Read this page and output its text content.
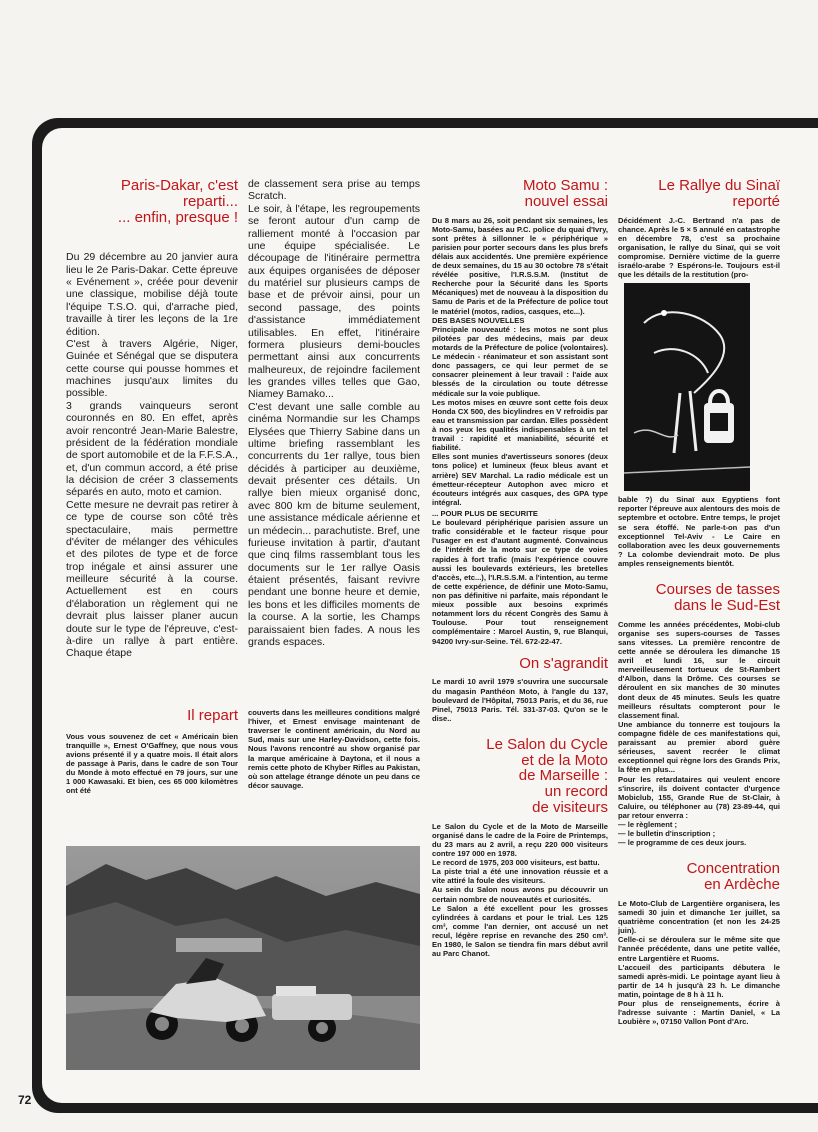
Paris-Dakar, c'est
reparti...
... enfin, presque !

Du 29 décembre au 20 janvier aura lieu le 2e Paris-Dakar. Cette épreuve « Evénement », créée pour devenir une classique, mobilise déjà toute l'équipe T.S.O. qui, d'arrache pied, travaille à tirer les leçons de la 1re édition.

C'est à travers Algérie, Niger, Guinée et Sénégal que se disputera cette course qui pousse hommes et machines jusqu'aux limites du possible.

3 grands vainqueurs seront couronnés en 80. En effet, après avoir rencontré Jean-Marie Balestre, président de la fédération mondiale de sport automobile et de la F.F.S.A., et, d'un commun accord, a été prise la décision de créer 3 classements séparés en auto, moto et camion.

Cette mesure ne devrait pas retirer à ce type de course son côté très spectaculaire, mais permettre d'éviter de mélanger des véhicules et des pilotes de type et de force trop inégale et ainsi assurer une meilleure sécurité à la course. Actuellement est en cours d'élaboration un règlement qui ne devrait plus laisser planer aucun doute sur le type de l'épreuve, c'est-à-dire un rallye à part entière. Chaque étape

de classement sera prise au temps Scratch.

Le soir, à l'étape, les regroupements se feront autour d'un camp de ralliement monté à l'occasion par une équipe spécialisée. Le découpage de l'itinéraire permettra aux équipes organisées de déposer du matériel sur plusieurs camps de base et de prévoir ainsi, pour un second passage, des points d'assistance immédiatement utilisables. En effet, l'itinéraire formera plusieurs demi-boucles permettant ainsi aux concurrents malheureux, de rejoindre facilement les grandes villes telles que Gao, Niamey Bamako...

C'est devant une salle comble au cinéma Normandie sur les Champs Elysées que Thierry Sabine dans un ultime briefing rassemblant les concurrents du 1er rallye, tous bien décidés à participer au deuxième, devait présenter ces détails. Un rallye bien mieux organisé donc, avec 800 km de bitume seulement, une assistance médicale aérienne et un médecin... parachutiste. Bref, une furieuse invitation à partir, d'autant que cinq films rassemblant tous les documents sur le 1er rallye Oasis étaient présentés, faisant revivre pendant une bonne heure et demie, les bons et les difficiles moments de la course. A la sortie, les Champs paraissaient bien fades. A nous les grands espaces.

Il repart

Vous vous souvenez de cet « Américain bien tranquille », Ernest O'Gaffney, que nous vous avions présenté il y a quatre mois. Il était alors de passage à Paris, dans le cadre de son Tour du Monde à moto effectué en 79 jours, sur une 1 000 Kawasaki. Et bien, ces 65 000 kilomètres ont été

couverts dans les meilleures conditions malgré l'hiver, et Ernest envisage maintenant de traverser le continent américain, du Nord au Sud, mais sur une Harley-Davidson, cette fois. Nous l'avons rencontré au show organisé par la marque américaine à Daytona, et il nous a remis cette photo de Khyber Rifles au Pakistan, où son attelage étrange dénote un peu dans ce décor sauvage.

Moto Samu :
nouvel essai

Du 8 mars au 26, soit pendant six semaines, les Moto-Samu, basées au P.C. police du quai d'Ivry, sont prêtes à sillonner le « périphérique » parisien pour porter secours dans les plus brefs délais aux accidentés. Une première expérience de deux semaines, du 15 au 30 octobre 78 s'était révélée positive, l'I.R.S.S.M. (Institut de Recherche pour la Sécurité dans les Sports Mécaniques) met de nouveau à la disposition du Samu de Paris et de la Préfecture de police tout le matériel (motos, radios, casques, etc...).

DES BASES NOUVELLES

Principale nouveauté : les motos ne sont plus pilotées par des médecins, mais par deux motards de la Préfecture de police (volontaires). Le médecin - réanimateur et son assistant sont donc passagers, ce qui leur permet de se consacrer pleinement à leur travail : l'aide aux blessés de la circulation ou toute détresse médicale sur la voie publique.

Les motos mises en œuvre sont cette fois deux Honda CX 500, des bicylindres en V refroidis par eau et transmission par cardan. Elles possèdent à nos yeux les qualités indispensables à un tel travail : rapidité et maniabilité, sécurité et fiabilité.

Elles sont munies d'avertisseurs sonores (deux tons police) et lumineux (feux bleus avant et arrière) SEV Marchal. La radio médicale est un émetteur-récepteur Autophon avec micro et écouteurs intégrés aux casques, des GPA type intégral.

... POUR PLUS DE SECURITE

Le boulevard périphérique parisien assure un trafic considérable et le facteur risque pour l'usager en est d'autant augmenté. Convaincus de l'intérêt de la moto sur ce type de voies rapides à fort trafic (mais l'expérience couvre aussi les boulevards extérieurs, les bretelles d'accès, etc...), l'I.R.S.S.M. a l'intention, au terme de cette expérience, de définir une Moto-Samu, non pas définitive ni parfaite, mais répondant le mieux possible aux besoins exprimés notamment lors du récent Congrès des Samu à Toulouse. Pour tout renseignement complémentaire : Marcel Austin, 9, rue Blanqui, 94200 Ivry-sur-Seine. Tél. 672-22-47.

On s'agrandit

Le mardi 10 avril 1979 s'ouvrira une succursale du magasin Panthéon Moto, à l'angle du 137, boulevard de l'Hôpital, 75013 Paris, et du 36, rue Pinel, 75013 Paris. Tél. 331-37-03. Qu'on se le dise..

Le Salon du Cycle
et de la Moto
de Marseille :
un record
de visiteurs

Le Salon du Cycle et de la Moto de Marseille organisé dans le cadre de la Foire de Printemps, du 23 mars au 2 avril, a reçu 220 000 visiteurs contre 197 000 en 1978.

Le record de 1975, 203 000 visiteurs, est battu.

La piste trial a été une innovation réussie et a vite attiré la foule des visiteurs.

Au sein du Salon nous avons pu découvrir un certain nombre de nouveautés et curiosités.

Le Salon a été excellent pour les grosses cylindrées à cardans et pour le trial. Les 125 cm³, comme l'an dernier, ont accusé un net recul, légère reprise en revanche des 250 cm³. En 1980, le Salon se tiendra fin mars début avril au Parc Chanot.

Le Rallye du Sinaï
reporté

Décidément J.-C. Bertrand n'a pas de chance. Après le 5 × 5 annulé en catastrophe en décembre 78, c'est sa prochaine organisation, le rallye du Sinaï, qui se voit compromise. Dernière victime de la guerre israélo-arabe ? Espérons-le. Toujours est-il que les détails de la restitution (pro-

bable ?) du Sinaï aux Egyptiens font reporter l'épreuve aux alentours des mois de septembre et octobre. Entre temps, le projet se sera étoffé. Ne parle-t-on pas d'un exceptionnel Tel-Aviv - Le Caire en collaboration avec les deux gouvernements ? La colombe deviendrait moto. De plus amples renseignements bientôt.

Courses de tasses
dans le Sud-Est

Comme les années précédentes, Mobi-club organise ses supers-courses de Tasses sans vitesses. La première rencontre de cette année se déroulera les dimanche 15 avril et lundi 16, sur le circuit merveilleusement tortueux de St-Rambert d'Albon, dans la Drôme. Ces courses se déroulent en six manches de 30 minutes dont deux de 45 minutes. Seuls les quatre meilleurs résultats compteront pour le classement final.

Une ambiance du tonnerre est toujours la compagne fidèle de ces manifestations qui, paraissant au premier abord guère sérieuses, savent recréer le climat exceptionnel qui règne lors des Grands Prix, la fête en plus...

Pour les retardataires qui veulent encore s'inscrire, ils doivent contacter d'urgence Mobiclub, 155, Grande Rue de St-Clair, à Caluire, ou téléphoner au (78) 23-89-44, qui par retour enverra :

— le règlement ;

— le bulletin d'inscription ;

— le programme de ces deux jours.

Concentration
en Ardèche

Le Moto-Club de Largentière organisera, les samedi 30 juin et dimanche 1er juillet, sa quatrième concentration (et non les 24-25 juin).

Celle-ci se déroulera sur le même site que l'année précédente, dans une petite vallée, entre Largentière et Ruoms.

L'accueil des participants débutera le samedi après-midi. Le pointage ayant lieu à partir de 14 h jusqu'à 23 h. Le dimanche matin, pointage de 8 h à 11 h.

Pour plus de renseignements, écrire à l'adresse suivante : Martin Daniel, « La Loubière », 07150 Vallon Pont d'Arc.

72
